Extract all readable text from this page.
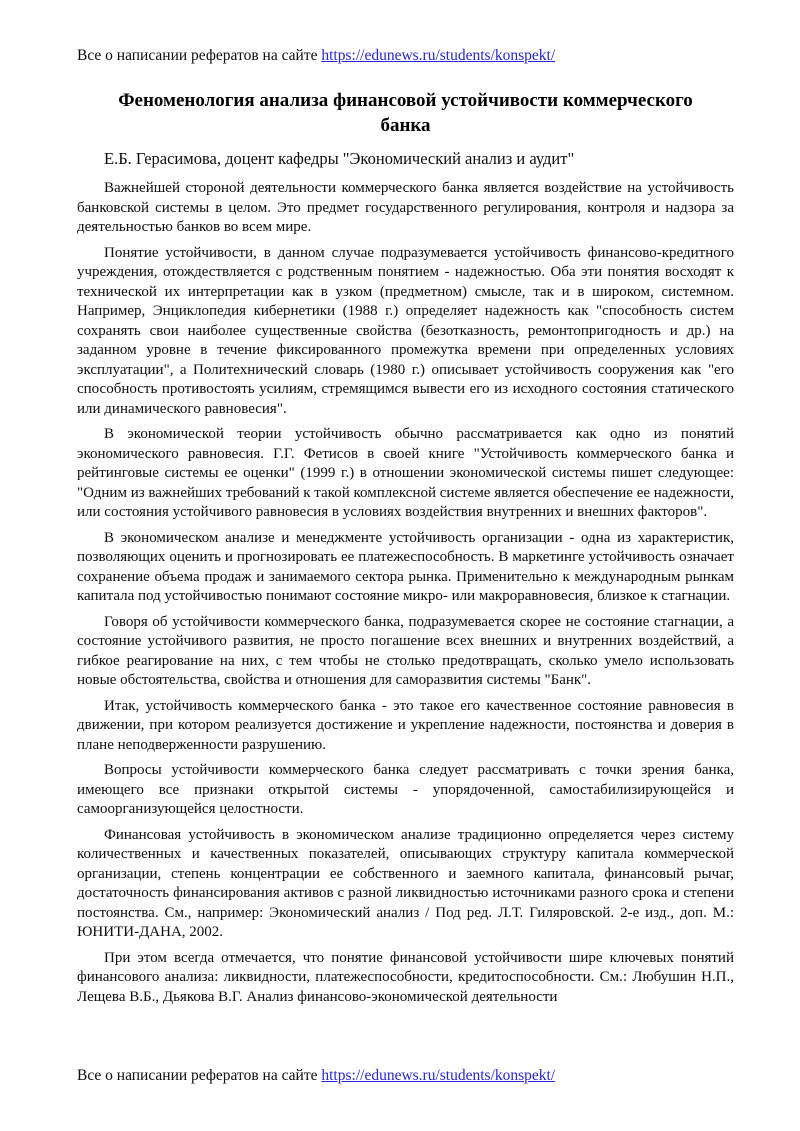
Все о написании рефератов на сайте https://edunews.ru/students/konspekt/
Феноменология анализа финансовой устойчивости коммерческого банка

Е.Б. Герасимова, доцент кафедры "Экономический анализ и аудит"

Важнейшей стороной деятельности коммерческого банка является воздействие на устойчивость банковской системы в целом. Это предмет государственного регулирования, контроля и надзора за деятельностью банков во всем мире.

Понятие устойчивости, в данном случае подразумевается устойчивость финансово-кредитного учреждения, отождествляется с родственным понятием - надежностью. Оба эти понятия восходят к технической их интерпретации как в узком (предметном) смысле, так и в широком, системном. Например, Энциклопедия кибернетики (1988 г.) определяет надежность как "способность систем сохранять свои наиболее существенные свойства (безотказность, ремонтопригодность и др.) на заданном уровне в течение фиксированного промежутка времени при определенных условиях эксплуатации", а Политехнический словарь (1980 г.) описывает устойчивость сооружения как "его способность противостоять усилиям, стремящимся вывести его из исходного состояния статического или динамического равновесия".

В экономической теории устойчивость обычно рассматривается как одно из понятий экономического равновесия. Г.Г. Фетисов в своей книге "Устойчивость коммерческого банка и рейтинговые системы ее оценки" (1999 г.) в отношении экономической системы пишет следующее: "Одним из важнейших требований к такой комплексной системе является обеспечение ее надежности, или состояния устойчивого равновесия в условиях воздействия внутренних и внешних факторов".

В экономическом анализе и менеджменте устойчивость организации - одна из характеристик, позволяющих оценить и прогнозировать ее платежеспособность. В маркетинге устойчивость означает сохранение объема продаж и занимаемого сектора рынка. Применительно к международным рынкам капитала под устойчивостью понимают состояние микро- или макроравновесия, близкое к стагнации.

Говоря об устойчивости коммерческого банка, подразумевается скорее не состояние стагнации, а состояние устойчивого развития, не просто погашение всех внешних и внутренних воздействий, а гибкое реагирование на них, с тем чтобы не столько предотвращать, сколько умело использовать новые обстоятельства, свойства и отношения для саморазвития системы "Банк".

Итак, устойчивость коммерческого банка - это такое его качественное состояние равновесия в движении, при котором реализуется достижение и укрепление надежности, постоянства и доверия в плане неподверженности разрушению.

Вопросы устойчивости коммерческого банка следует рассматривать с точки зрения банка, имеющего все признаки открытой системы - упорядоченной, самостабилизирующейся и самоорганизующейся целостности.

Финансовая устойчивость в экономическом анализе традиционно определяется через систему количественных и качественных показателей, описывающих структуру капитала коммерческой организации, степень концентрации ее собственного и заемного капитала, финансовый рычаг, достаточность финансирования активов с разной ликвидностью источниками разного срока и степени постоянства. См., например: Экономический анализ / Под ред. Л.Т. Гиляровской. 2-е изд., доп. М.: ЮНИТИ-ДАНА, 2002.

При этом всегда отмечается, что понятие финансовой устойчивости шире ключевых понятий финансового анализа: ликвидности, платежеспособности, кредитоспособности. См.: Любушин Н.П., Лещева В.Б., Дьякова В.Г. Анализ финансово-экономической деятельности

Все о написании рефератов на сайте https://edunews.ru/students/konspekt/
